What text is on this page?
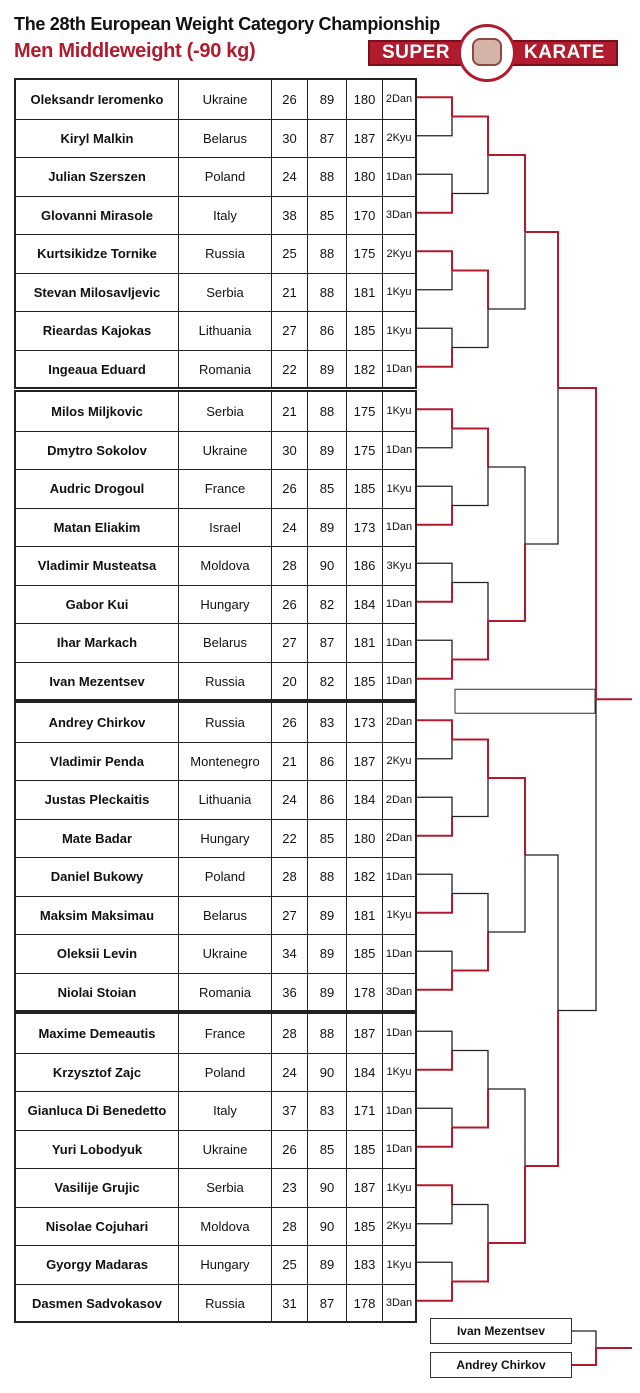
The 28th European Weight Category Championship
Men Middleweight (-90 kg)	SUPER	KARATE
Oleksandr Ieromenko	Ukraine	26	89	180 2Dan
Kiryl Malkin	Belarus	30	87	187	2Kyu
Julian Szerszen	Poland	24	88	180 1Dan
Glovanni Mirasole	Italy	38	85	170 3Dan
Kurtsikidze Tornike	Russia	25	88	175	2Kyu
Stevan Milosavljevic	Serbia	21	88	181	1Kyu
Rieardas Kajokas	Lithuania	27	86	185	1Kyu
Ingeaua Eduard	Romania	22	89	182 1Dan
Milos Miljkovic	Serbia	21	88	175	1Kyu
Dmytro Sokolov	Ukraine	30	89	175 1Dan
Audric Drogoul	France	26	85	185	1Kyu
Matan Eliakim	Israel	24	89	173 1Dan
Vladimir Musteatsa	Moldova	28	90	186	3Kyu
Gabor Kui	Hungary	26	82	184 1Dan
Ihar Markach	Belarus	27	87	181 1Dan
Ivan Mezentsev	Russia	20	82	185 1Dan
Andrey Chirkov	Russia	26	83	173 2Dan
Vladimir Penda	Montenegro	21	86	187	2Kyu
Justas Pleckaitis	Lithuania	24	86	184 2Dan
Mate Badar	Hungary	22	85	180 2Dan
Daniel Bukowy	Poland	28	88	182 1Dan
Maksim Maksimau	Belarus	27	89	181	1Kyu
Oleksii Levin	Ukraine	34	89	185 1Dan
Niolai Stoian	Romania	36	89	178 3Dan
Maxime Demeautis	France	28	88	187 1Dan
Krzysztof Zajc	Poland	24	90	184	1Kyu
Gianluca Di Benedetto	Italy	37	83	171 1Dan
Yuri Lobodyuk	Ukraine	26	85	185 1Dan
Vasilije Grujic	Serbia	23	90	187	1Kyu
Nisolae Cojuhari	Moldova	28	90	185	2Kyu
Gyorgy Madaras	Hungary	25	89	183	1Kyu
Dasmen Sadvokasov	Russia	31	87	178 3Dan
Ivan Mezentsev
Andrey Chirkov
